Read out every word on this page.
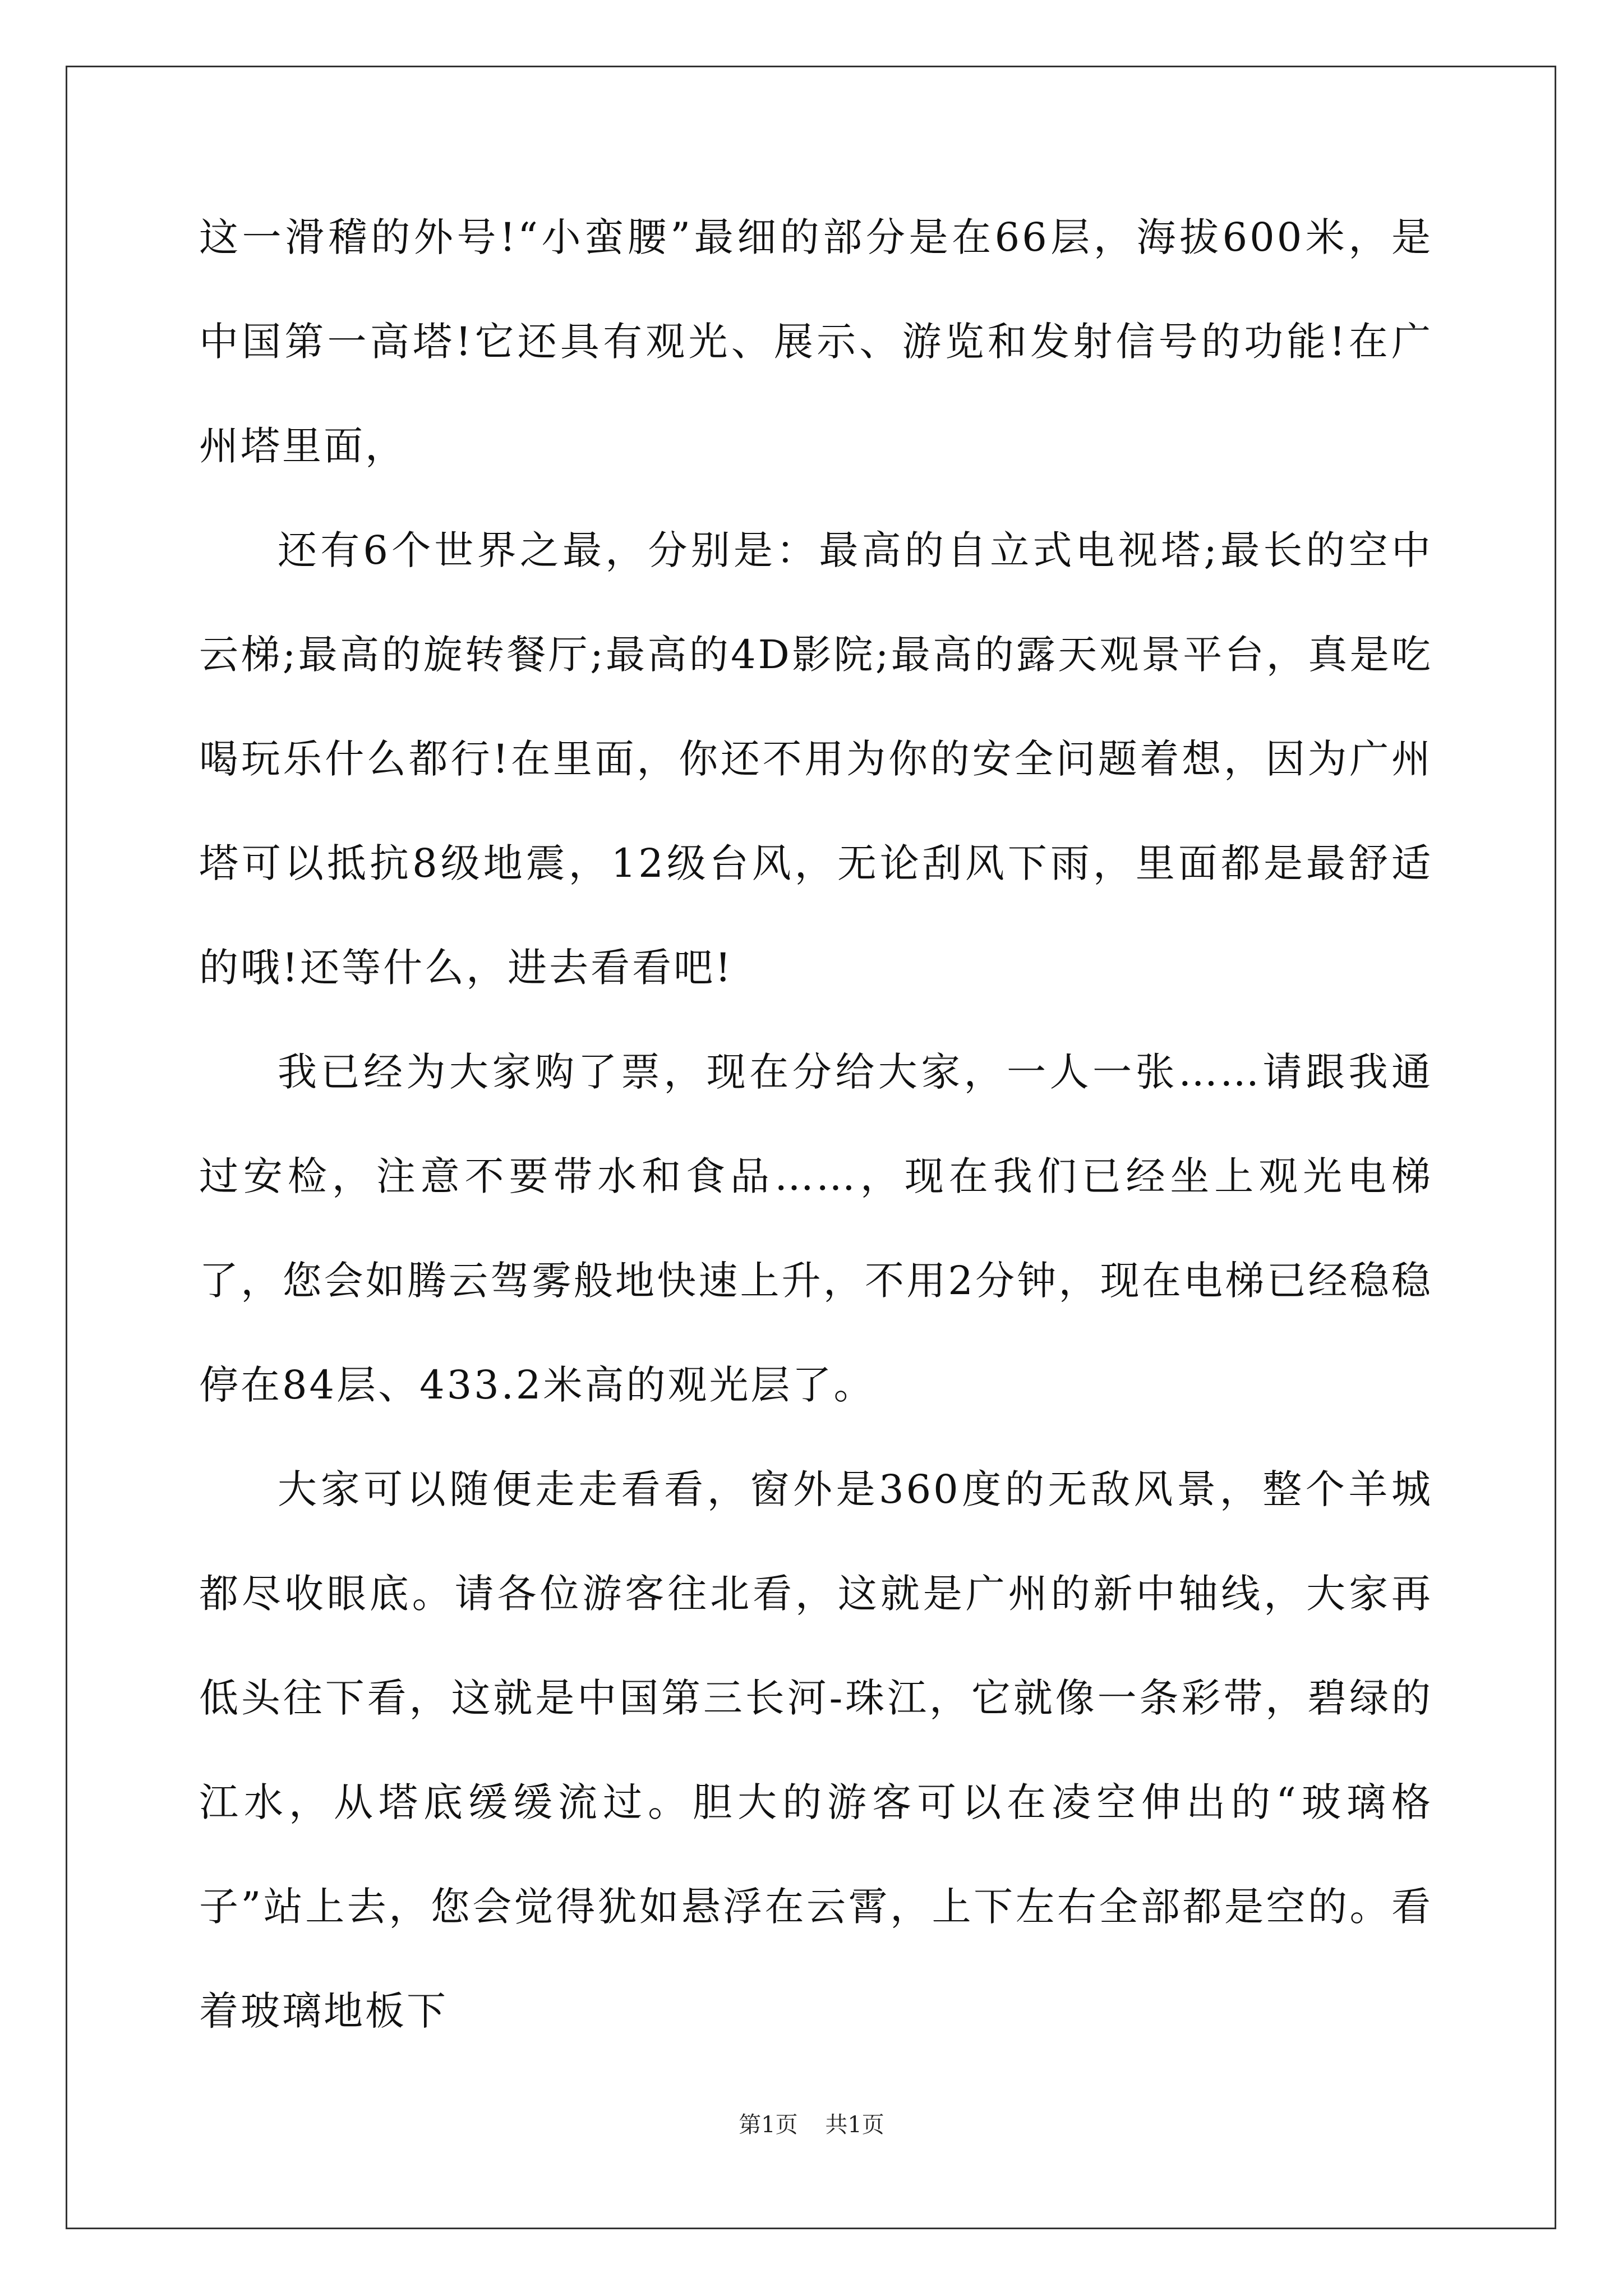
这一滑稽的外号!“小蛮腰”最细的部分是在66层，海拔600米，是中国第一高塔!它还具有观光、展示、游览和发射信号的功能!在广州塔里面，

还有6个世界之最，分别是：最高的自立式电视塔;最长的空中云梯;最高的旋转餐厅;最高的4D影院;最高的露天观景平台，真是吃喝玩乐什么都行!在里面，你还不用为你的安全问题着想，因为广州塔可以抵抗8级地震，12级台风，无论刮风下雨，里面都是最舒适的哦!还等什么，进去看看吧!

我已经为大家购了票，现在分给大家，一人一张……请跟我通过安检，注意不要带水和食品……，现在我们已经坐上观光电梯了，您会如腾云驾雾般地快速上升，不用2分钟，现在电梯已经稳稳停在84层、433.2米高的观光层了。

大家可以随便走走看看，窗外是360度的无敌风景，整个羊城都尽收眼底。请各位游客往北看，这就是广州的新中轴线，大家再低头往下看，这就是中国第三长河-珠江，它就像一条彩带，碧绿的江水，从塔底缓缓流过。胆大的游客可以在凌空伸出的“玻璃格子”站上去，您会觉得犹如悬浮在云霄，上下左右全部都是空的。看着玻璃地板下

第1页 共1页
